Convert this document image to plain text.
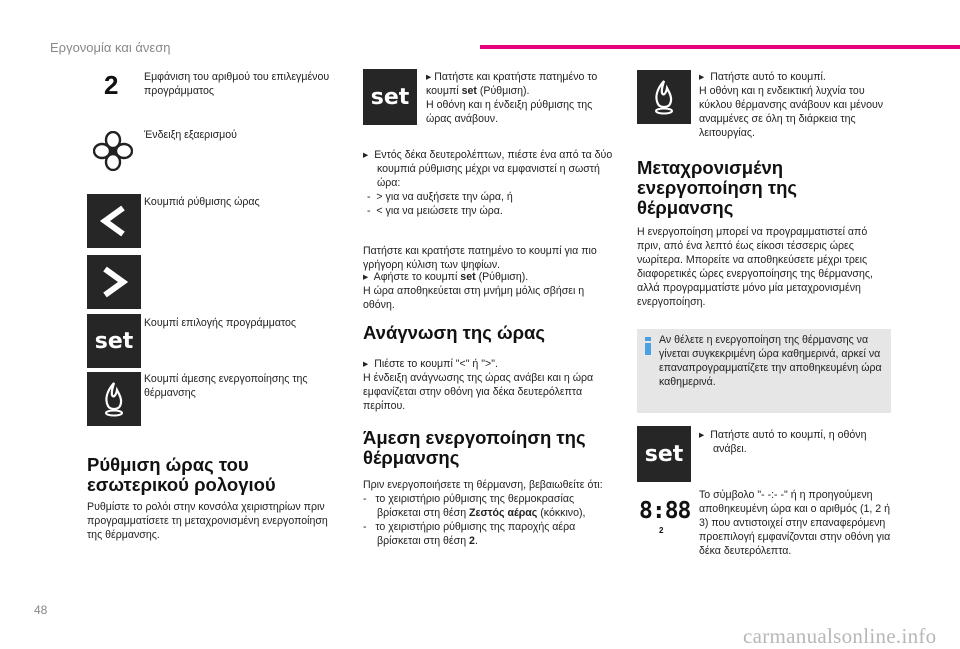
Εργονομία και άνεση
2	Εμφάνιση του αριθμού του επιλεγμένου προγράμματος
Ένδειξη εξαερισμού
Κουμπιά ρύθμισης ώρας
set
Κουμπί επιλογής προγράμματος
Κουμπί άμεσης ενεργοποίησης της θέρμανσης
Ρύθμιση ώρας του εσωτερικού ρολογιού
Ρυθμίστε το ρολόι στην κονσόλα χειριστηρίων πριν προγραμματίσετε τη μεταχρονισμένη ενεργοποίηση της θέρμανσης.
set

▸ Πατήστε και κρατήστε πατημένο το κουμπί set (Ρύθμιση).

Η οθόνη και η ένδειξη ρύθμισης της ώρας ανάβουν.

▸  Εντός δέκα δευτερολέπτων, πιέστε ένα από τα δύο κουμπιά ρύθμισης μέχρι να εμφανιστεί η σωστή ώρα:

-  > για να αυξήσετε την ώρα, ή

-  < για να μειώσετε την ώρα.

Πατήστε και κρατήστε πατημένο το κουμπί για πιο γρήγορη κύλιση των ψηφίων.

▸  Αφήστε το κουμπί set (Ρύθμιση).

Η ώρα αποθηκεύεται στη μνήμη μόλις σβήσει η οθόνη.
Ανάγνωση της ώρας

▸  Πιέστε το κουμπί "<" ή ">".

Η ένδειξη ανάγνωσης της ώρας ανάβει και η ώρα εμφανίζεται στην οθόνη για δέκα δευτερόλεπτα περίπου.
Άμεση ενεργοποίηση της θέρμανσης
Πριν ενεργοποιήσετε τη θέρμανση, βεβαιωθείτε ότι:

-   το χειριστήριο ρύθμισης της θερμοκρασίας βρίσκεται στη θέση Ζεστός αέρας (κόκκινο),

-   το χειριστήριο ρύθμισης της παροχής αέρα βρίσκεται στη θέση 2.

▸  Πατήστε αυτό το κουμπί.

Η οθόνη και η ενδεικτική λυχνία του κύκλου θέρμανσης ανάβουν και μένουν αναμμένες σε όλη τη διάρκεια της λειτουργίας.
Μεταχρονισμένη ενεργοποίηση της θέρμανσης
Η ενεργοποίηση μπορεί να προγραμματιστεί από πριν, από ένα λεπτό έως είκοσι τέσσερις ώρες νωρίτερα. Μπορείτε να αποθηκεύσετε μέχρι τρεις διαφορετικές ώρες ενεργοποίησης της θέρμανσης, αλλά προγραμματίστε μόνο μία μεταχρονισμένη ενεργοποίηση.
Αν θέλετε η ενεργοποίηση της θέρμανσης να γίνεται συγκεκριμένη ώρα καθημερινά, αρκεί να επαναπρογραμματίζετε την αποθηκευμένη ώρα καθημερινά.
set

▸  Πατήστε αυτό το κουμπί, η οθόνη ανάβει.

8:88
2
Το σύμβολο "- -:- -" ή η προηγούμενη αποθηκευμένη ώρα και ο αριθμός (1, 2 ή 3) που αντιστοιχεί στην επαναφερόμενη προεπιλογή εμφανίζονται στην οθόνη για δέκα δευτερόλεπτα.
48
carmanualsonline.info
